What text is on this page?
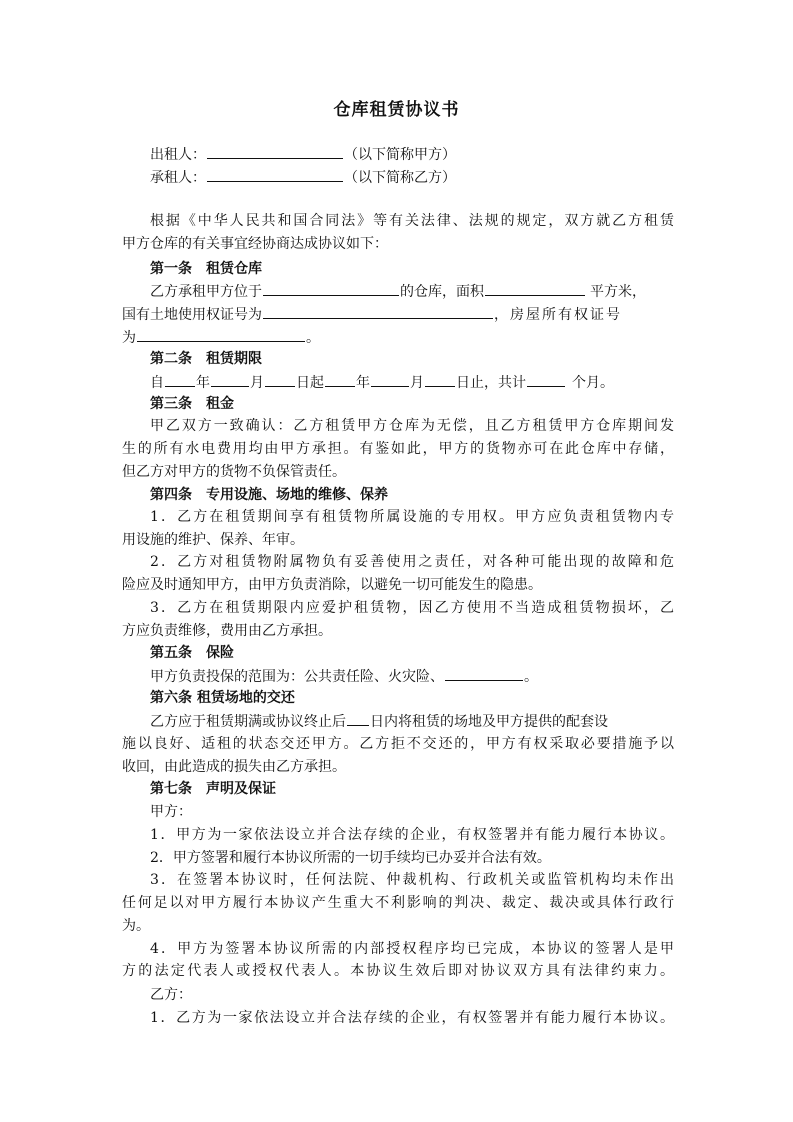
仓库租赁协议书
出租人：	（以下简称甲方）
承租人：	（以下简称乙方）
根据《中华人民共和国合同法》等有关法律、法规的规定，双方就乙方租赁
甲方仓库的有关事宜经协商达成协议如下：
第一条　租赁仓库
乙方承租甲方位于	的仓库，面积	平方米，
国有土地使用权证号为	，房屋所有权证号
为	。
第二条　租赁期限
自 年	月 日起 年	月 日止，共计	个月。
第三条　租金
甲乙双方一致确认：乙方租赁甲方仓库为无偿，且乙方租赁甲方仓库期间发
生的所有水电费用均由甲方承担。有鉴如此，甲方的货物亦可在此仓库中存储，
但乙方对甲方的货物不负保管责任。
第四条　专用设施、场地的维修、保养
1．乙方在租赁期间享有租赁物所属设施的专用权。甲方应负责租赁物内专
用设施的维护、保养、年审。
2．乙方对租赁物附属物负有妥善使用之责任，对各种可能出现的故障和危
险应及时通知甲方，由甲方负责消除，以避免一切可能发生的隐患。
3．乙方在租赁期限内应爱护租赁物，因乙方使用不当造成租赁物损坏，乙
方应负责维修，费用由乙方承担。
第五条　保险
甲方负责投保的范围为：公共责任险、火灾险、	。
第六条 租赁场地的交还
乙方应于租赁期满或协议终止后 日内将租赁的场地及甲方提供的配套设
施以良好、适租的状态交还甲方。乙方拒不交还的，甲方有权采取必要措施予以
收回，由此造成的损失由乙方承担。
第七条　声明及保证
甲方：
1．甲方为一家依法设立并合法存续的企业，有权签署并有能力履行本协议。
2．甲方签署和履行本协议所需的一切手续均已办妥并合法有效。
3．在签署本协议时，任何法院、仲裁机构、行政机关或监管机构均未作出
任何足以对甲方履行本协议产生重大不利影响的判决、裁定、裁决或具体行政行
为。
4．甲方为签署本协议所需的内部授权程序均已完成，本协议的签署人是甲
方的法定代表人或授权代表人。本协议生效后即对协议双方具有法律约束力。
乙方：
1．乙方为一家依法设立并合法存续的企业，有权签署并有能力履行本协议。
